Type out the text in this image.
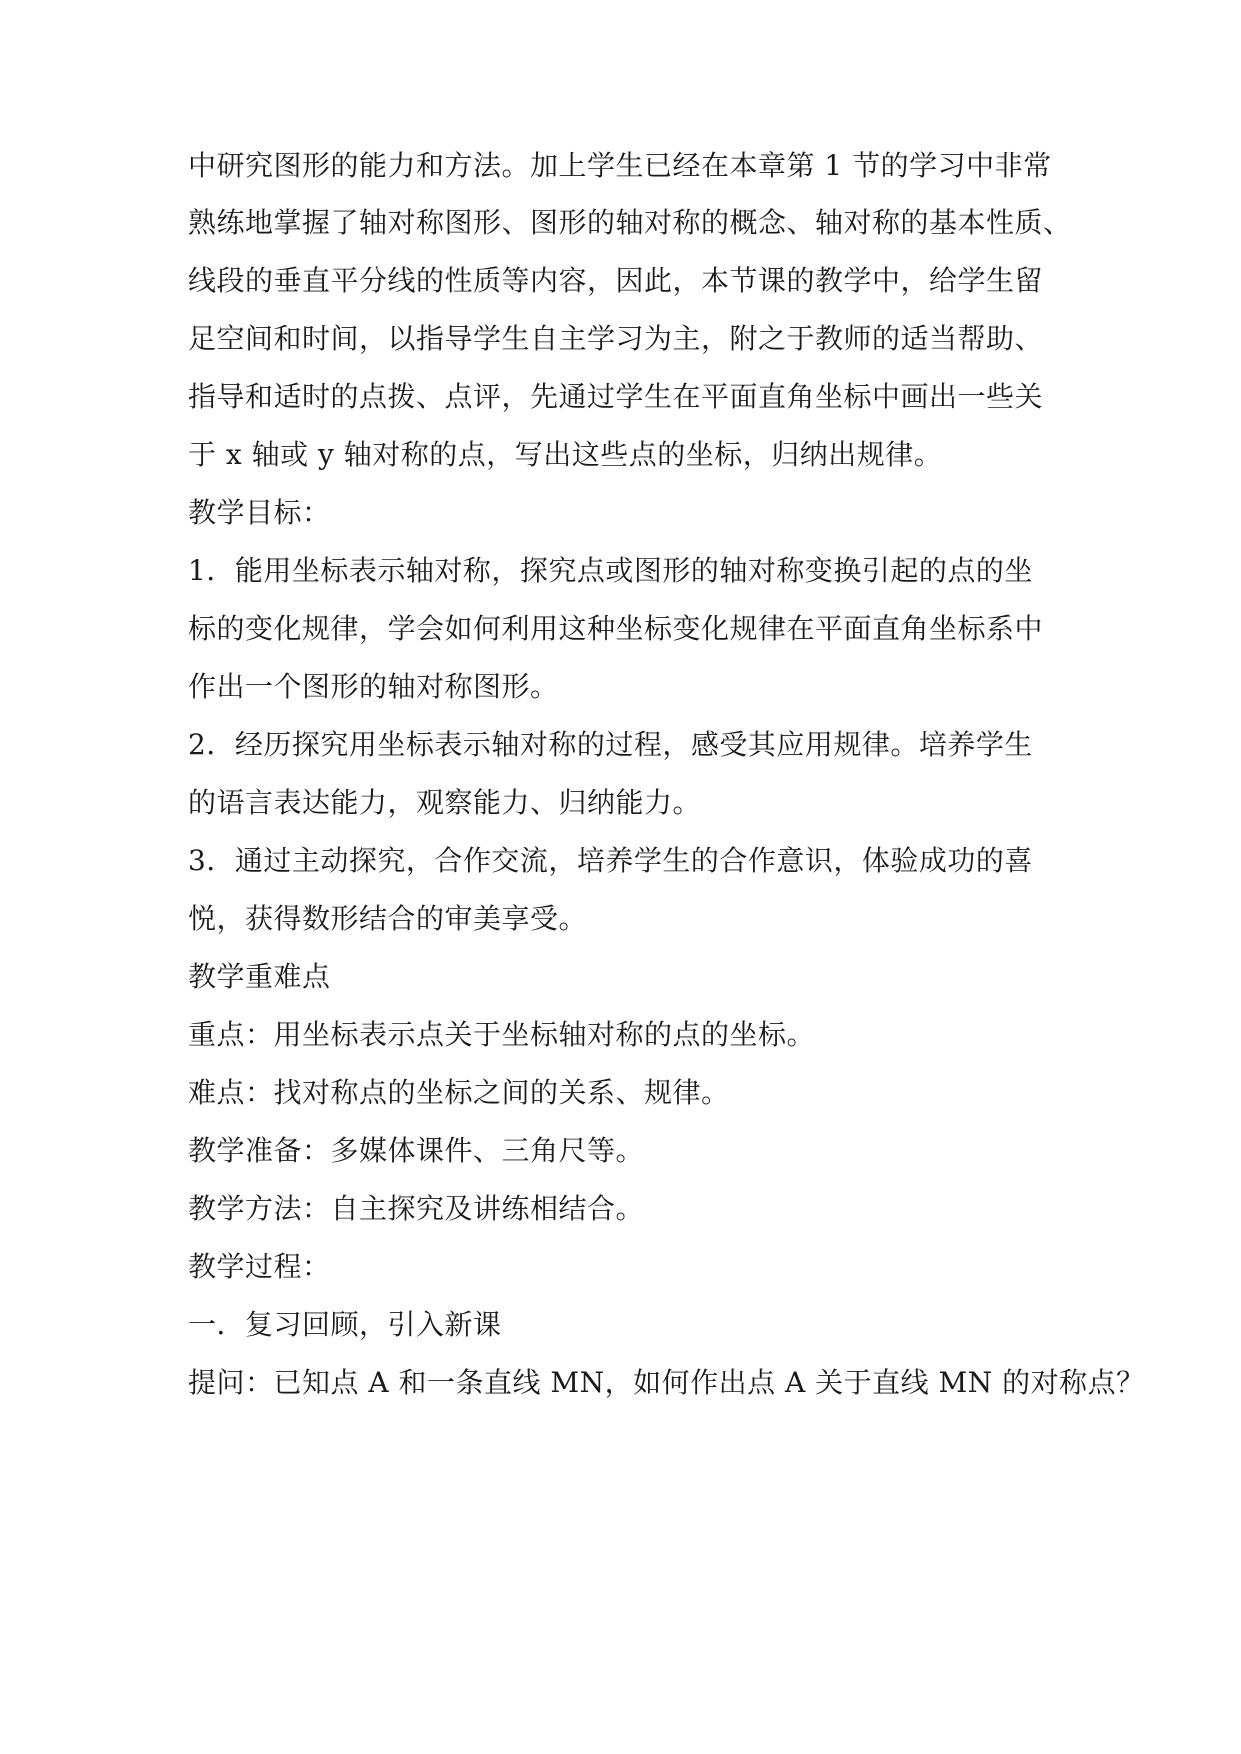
中研究图形的能力和方法。加上学生已经在本章第 1 节的学习中非常
熟练地掌握了轴对称图形、图形的轴对称的概念、轴对称的基本性质、
线段的垂直平分线的性质等内容，因此，本节课的教学中，给学生留
足空间和时间，以指导学生自主学习为主，附之于教师的适当帮助、
指导和适时的点拨、点评，先通过学生在平面直角坐标中画出一些关
于 x 轴或 y 轴对称的点，写出这些点的坐标，归纳出规律。
教学目标：
1．能用坐标表示轴对称，探究点或图形的轴对称变换引起的点的坐
标的变化规律，学会如何利用这种坐标变化规律在平面直角坐标系中
作出一个图形的轴对称图形。
2．经历探究用坐标表示轴对称的过程，感受其应用规律。培养学生
的语言表达能力，观察能力、归纳能力。
3．通过主动探究，合作交流，培养学生的合作意识，体验成功的喜
悦，获得数形结合的审美享受。
教学重难点
重点：用坐标表示点关于坐标轴对称的点的坐标。
难点：找对称点的坐标之间的关系、规律。
教学准备：多媒体课件、三角尺等。
教学方法：自主探究及讲练相结合。
教学过程：
一．复习回顾，引入新课
提问：已知点 A 和一条直线 MN，如何作出点 A 关于直线 MN 的对称点？
